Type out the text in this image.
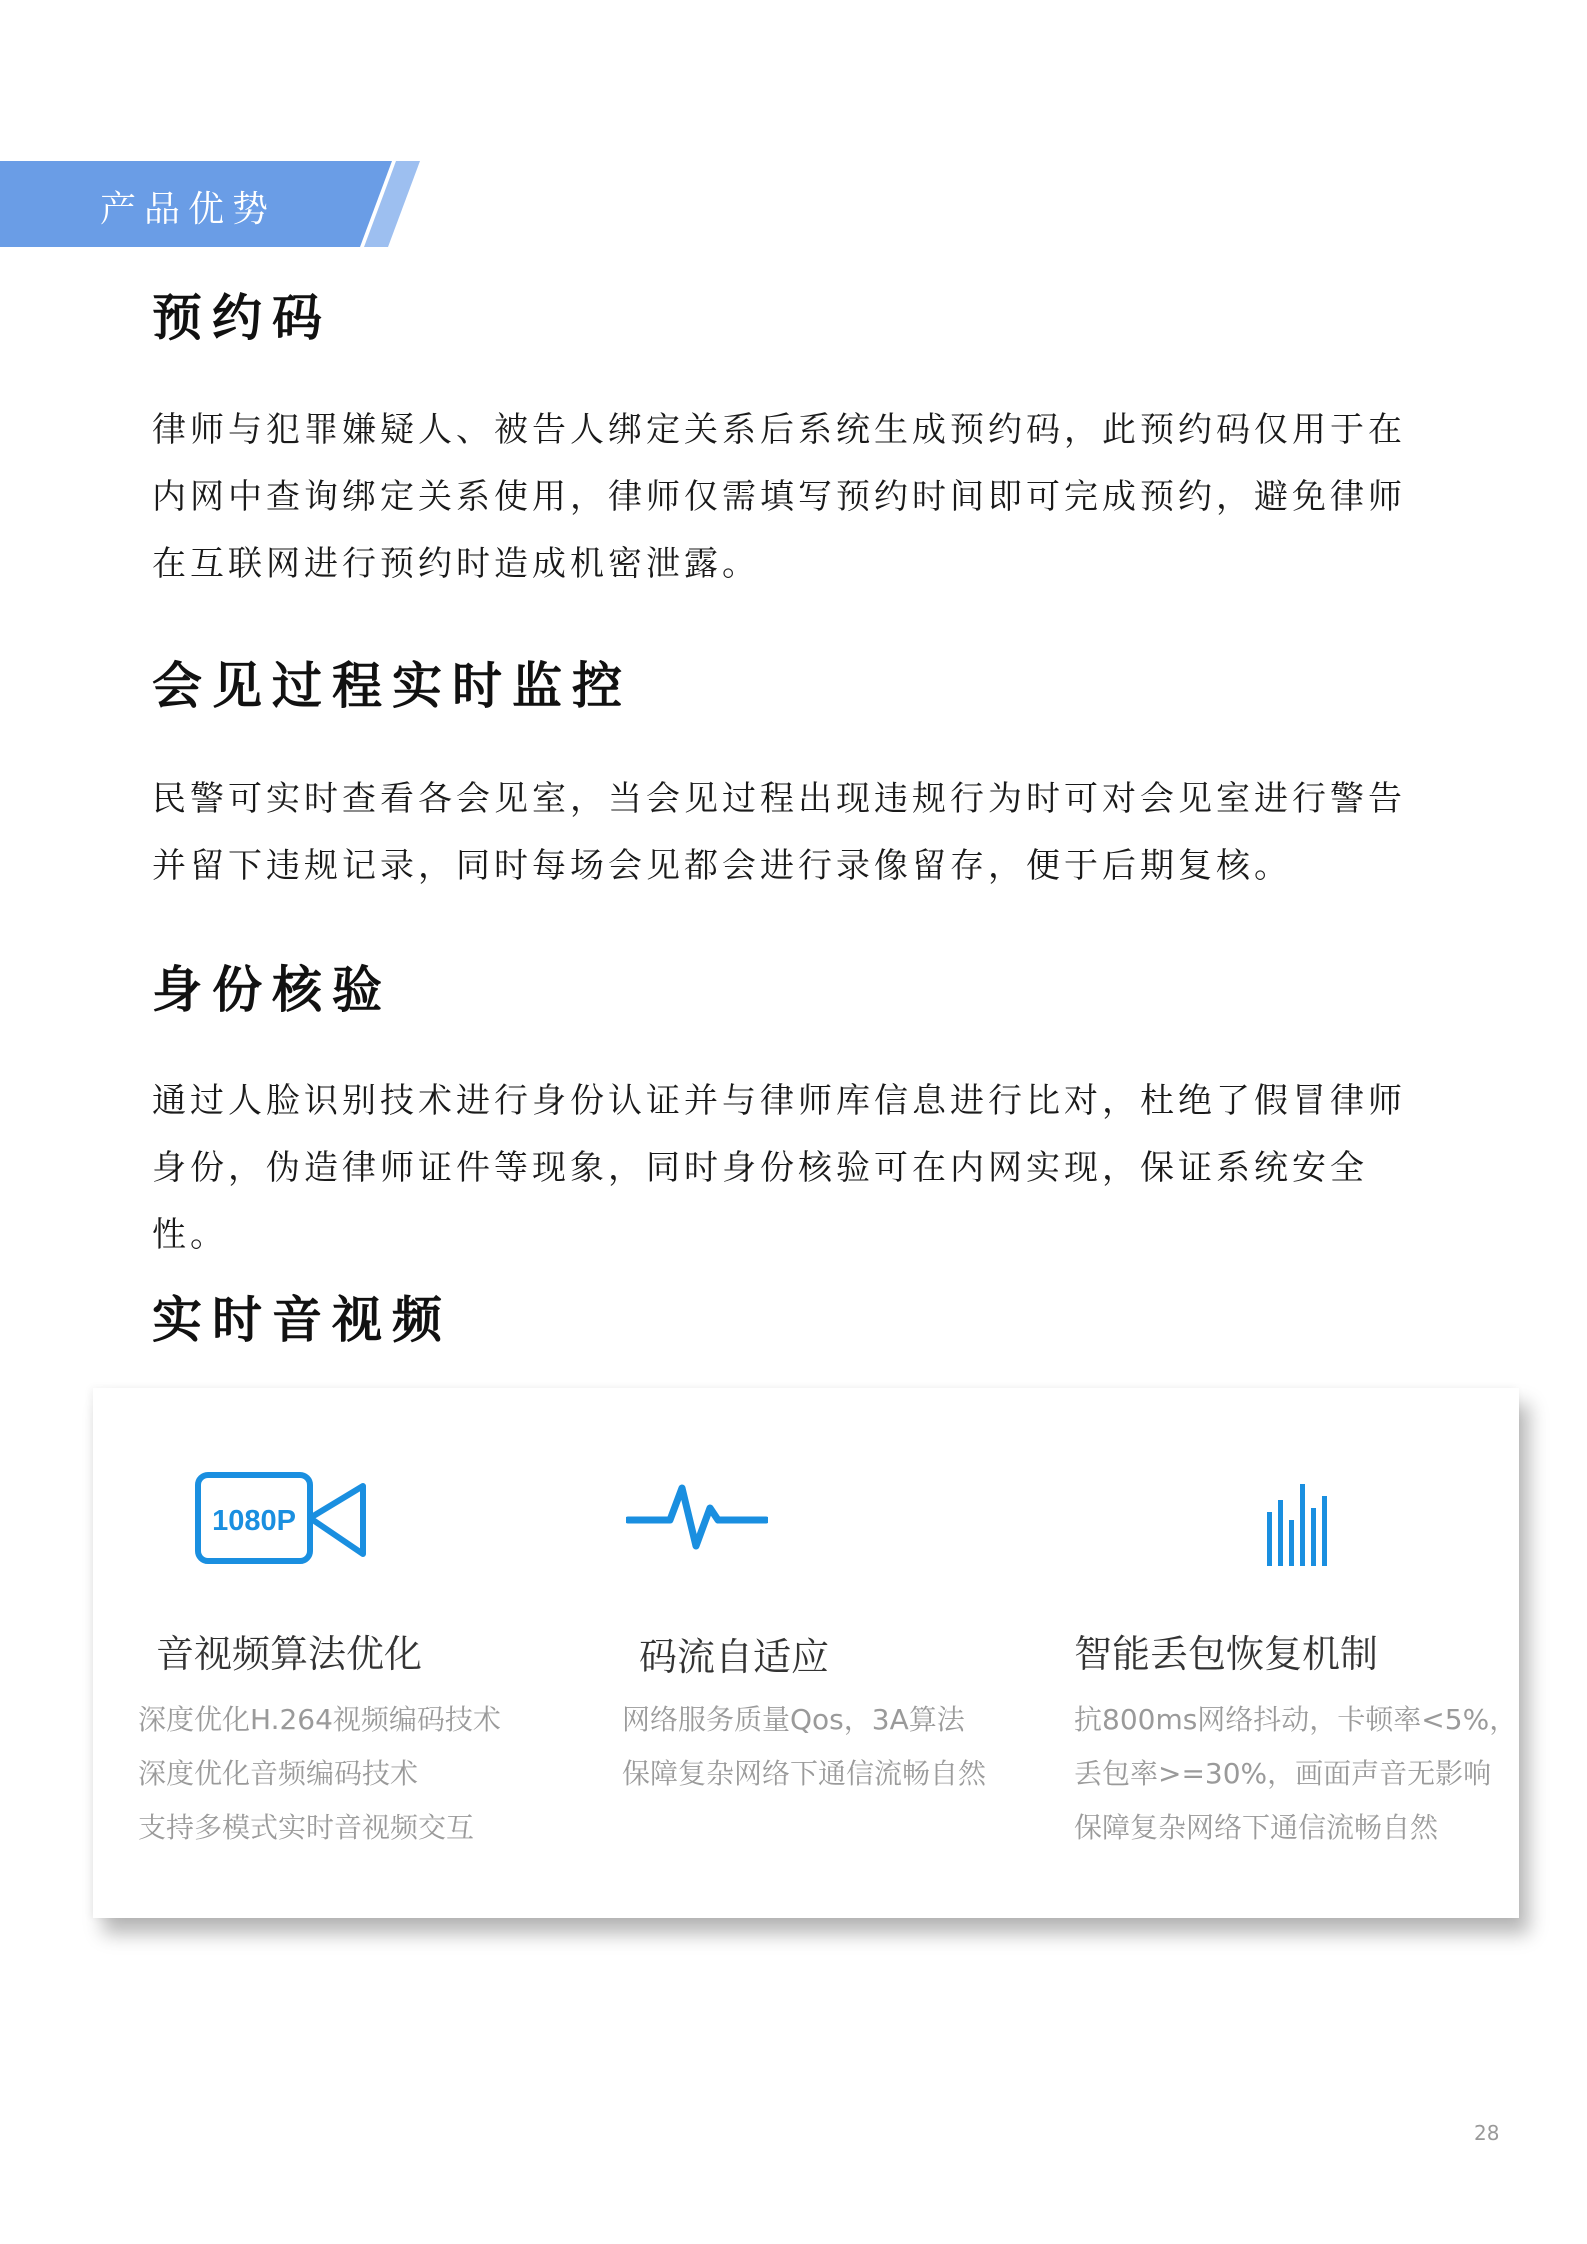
产品优势
预约码

律师与犯罪嫌疑人、被告人绑定关系后系统生成预约码，此预约码仅用于在内网中查询绑定关系使用，律师仅需填写预约时间即可完成预约，避免律师在互联网进行预约时造成机密泄露。

会见过程实时监控

民警可实时查看各会见室，当会见过程出现违规行为时可对会见室进行警告并留下违规记录，同时每场会见都会进行录像留存，便于后期复核。

身份核验

通过人脸识别技术进行身份认证并与律师库信息进行比对，杜绝了假冒律师身份，伪造律师证件等现象，同时身份核验可在内网实现，保证系统安全性。

实时音视频
1080P
音视频算法优化
深度优化H.264视频编码技术
深度优化音频编码技术
支持多模式实时音视频交互
码流自适应
网络服务质量Qos，3A算法
保障复杂网络下通信流畅自然
智能丢包恢复机制
抗800ms网络抖动，卡顿率<5%，
丢包率>=30%，画面声音无影响
保障复杂网络下通信流畅自然
28
